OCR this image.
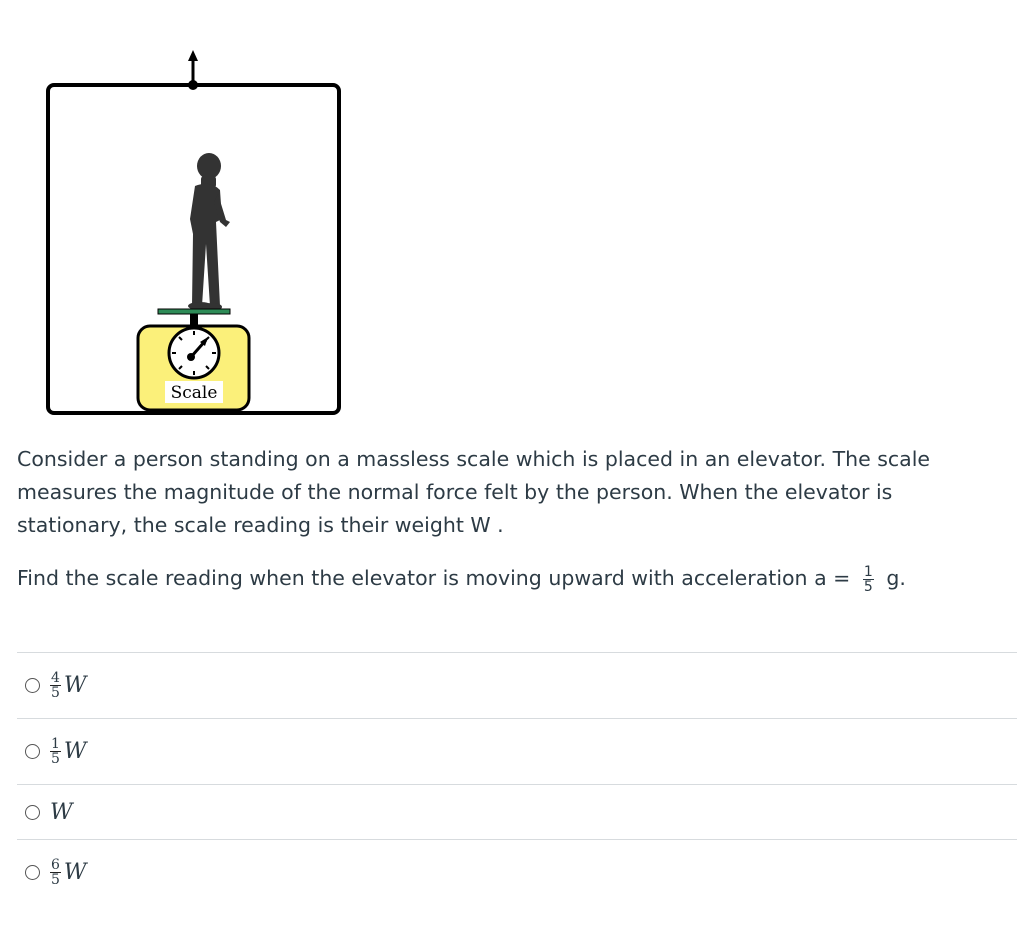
Scale

Consider a person standing on a massless scale which is placed in an elevator. The scale measures the magnitude of the normal force felt by the person. When the elevator is stationary, the scale reading is their weight W .

Find the scale reading when the elevator is moving upward with acceleration $a = \frac{1}{5} g$.

$\frac{4}{5}$ W
$\frac{1}{5}$ W
W
$\frac{6}{5}$ W
